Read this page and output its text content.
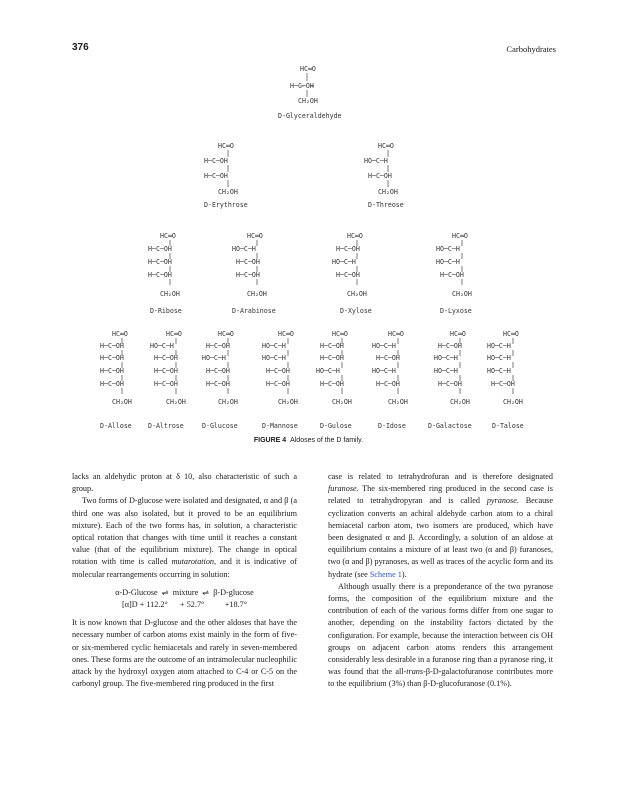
376	Carbohydrates
HC═O
H─C─OH
CH₂OH
D-Glyceraldehyde
HC═O
H─C─OH
H─C─OH
CH₂OH
D-Erythrose
HC═O
HO─C─H
H─C─OH
CH₂OH
D-Threose
HC═O
H─C─OH
H─C─OH
H─C─OH
CH₂OH
D-Ribose
HC═O
HO─C─H
H─C─OH
H─C─OH
CH₂OH
D-Arabinose
HC═O
H─C─OH
HO─C─H
H─C─OH
CH₂OH
D-Xylose
HC═O
HO─C─H
HO─C─H
H─C─OH
CH₂OH
D-Lyxose
HC═O
H─C─OH
H─C─OH
H─C─OH
H─C─OH
CH₂OH
D-Allose
HC═O
HO─C─H
H─C─OH
H─C─OH
H─C─OH
CH₂OH
D-Altrose
HC═O
H─C─OH
HO─C─H
H─C─OH
H─C─OH
CH₂OH
D-Glucose
HC═O
HO─C─H
HO─C─H
H─C─OH
H─C─OH
CH₂OH
D-Mannose
HC═O
H─C─OH
H─C─OH
HO─C─H
H─C─OH
CH₂OH
D-Gulose
HC═O
HO─C─H
H─C─OH
HO─C─H
H─C─OH
CH₂OH
D-Idose
HC═O
H─C─OH
HO─C─H
HO─C─H
H─C─OH
CH₂OH
D-Galactose
HC═O
HO─C─H
HO─C─H
HO─C─H
H─C─OH
CH₂OH
D-Talose
FIGURE 4 Aldoses of the D family.

lacks an aldehydic proton at δ 10, also characteristic of such a group.

Two forms of D-glucose were isolated and designated, α and β (a third one was also isolated, but it proved to be an equilibrium mixture). Each of the two forms has, in solution, a characteristic optical rotation that changes with time until it reaches a constant value (that of the equilibrium mixture). The change in optical rotation with time is called mutarotation, and it is indicative of molecular rearrangements occurring in solution:

α-D-Glucose  ⇌  mixture  ⇌  β-D-glucose
[α]D + 112.2°      + 52.7°          +18.7°

It is now known that D-glucose and the other aldoses that have the necessary number of carbon atoms exist mainly in the form of five- or six-membered cyclic hemiacetals and rarely in seven-membered ones. These forms are the outcome of an intramolecular nucleophilic attack by the hydroxyl oxygen atom attached to C-4 or C-5 on the carbonyl group. The five-membered ring produced in the first

case is related to tetrahydrofuran and is therefore designated furanose. The six-membered ring produced in the second case is related to tetrahydropyran and is called pyranose. Because cyclization converts an achiral aldehyde carbon atom to a chiral hemiacetal carbon atom, two isomers are produced, which have been designated α and β. Accordingly, a solution of an aldose at equilibrium contains a mixture of at least two (α and β) furanoses, two (α and β) pyranoses, as well as traces of the acyclic form and its hydrate (see Scheme 1).

Although usually there is a preponderance of the two pyranose forms, the composition of the equilibrium mixture and the contribution of each of the various forms differ from one sugar to another, depending on the instability factors dictated by the configuration. For example, because the interaction between cis OH groups on adjacent carbon atoms renders this arrangement considerably less desirable in a furanose ring than a pyranose ring, it was found that the all-trans-β-D-galactofuranose contributes more to the equilibrium (3%) than β-D-glucofuranose (0.1%).
